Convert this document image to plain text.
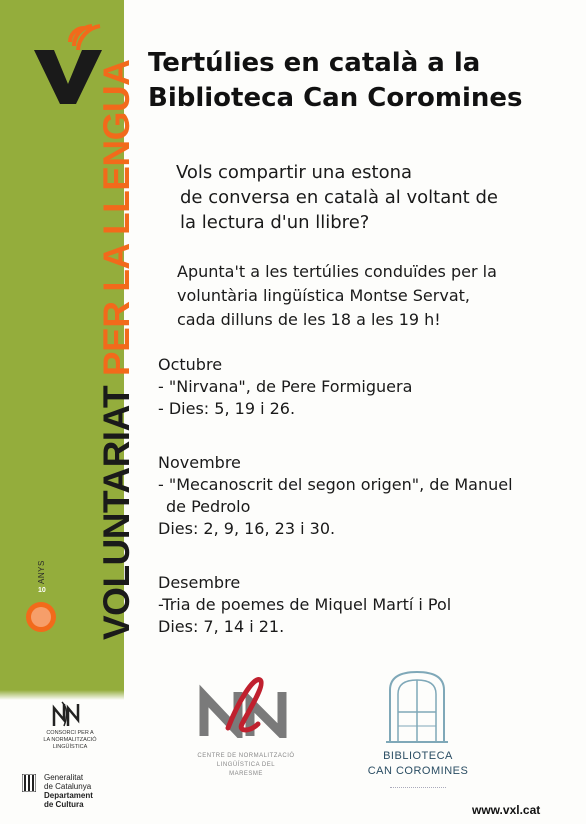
VOLUNTARIAT PER LA LLENGUA
10
ANYS
Tertúlies en català a la
Biblioteca Can Coromines
Vols compartir una estona
de conversa en català al voltant de
la lectura d'un llibre?
Apunta't a les tertúlies conduïdes per la
voluntària lingüística Montse Servat,
cada dilluns de les 18 a les 19 h!
Octubre
- "Nirvana", de Pere Formiguera
- Dies: 5, 19 i 26.
Novembre
- "Mecanoscrit del segon origen", de Manuel
de Pedrolo
Dies: 2, 9, 16, 23 i 30.
Desembre
-Tria de poemes de Miquel Martí i Pol
Dies: 7, 14 i 21.
CONSORCI PER A
LA NORMALITZACIÓ
LINGÜÍSTICA
Generalitat
de Catalunya
Departament
de Cultura
CENTRE DE NORMALITZACIÓ
LINGÜÍSTICA DEL
MARESME
BIBLIOTECA
CAN COROMINES
www.vxl.cat
